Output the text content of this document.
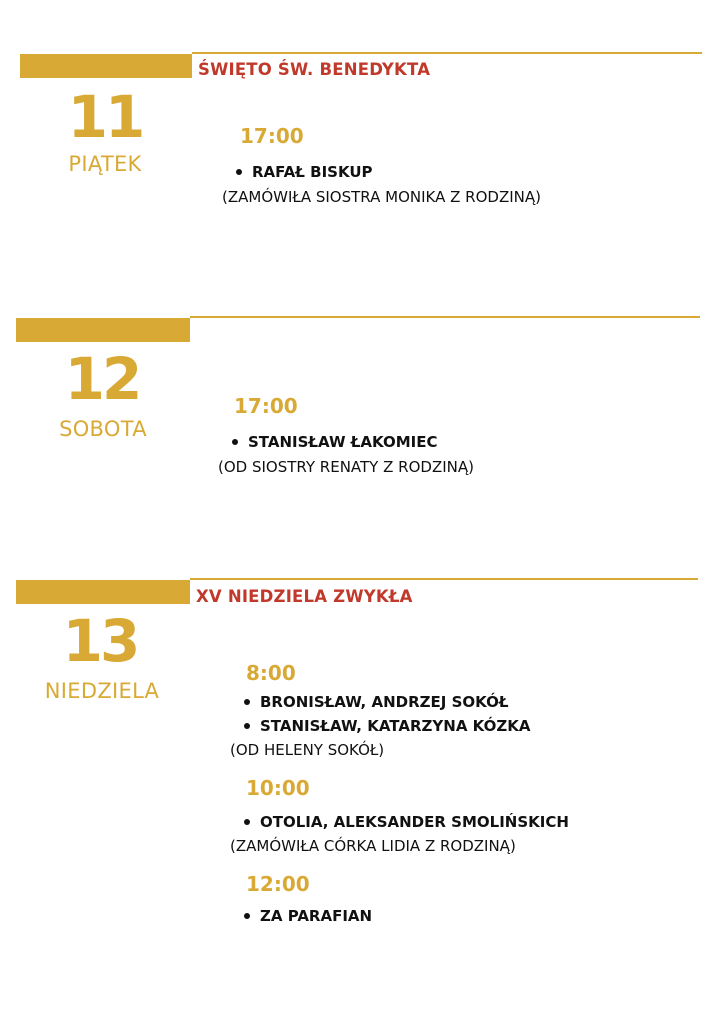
ŚWIĘTO ŚW. BENEDYKTA
11
PIĄTEK
17:00
RAFAŁ BISKUP
(ZAMÓWIŁA SIOSTRA MONIKA Z RODZINĄ)
12
SOBOTA
17:00
STANISŁAW ŁAKOMIEC
(OD SIOSTRY RENATY Z RODZINĄ)
XV NIEDZIELA ZWYKŁA
13
NIEDZIELA
8:00
BRONISŁAW, ANDRZEJ SOKÓŁ
STANISŁAW, KATARZYNA KÓZKA
(OD HELENY SOKÓŁ)
10:00
OTOLIA, ALEKSANDER SMOLIŃSKICH
(ZAMÓWIŁA CÓRKA LIDIA Z RODZINĄ)
12:00
ZA PARAFIAN
